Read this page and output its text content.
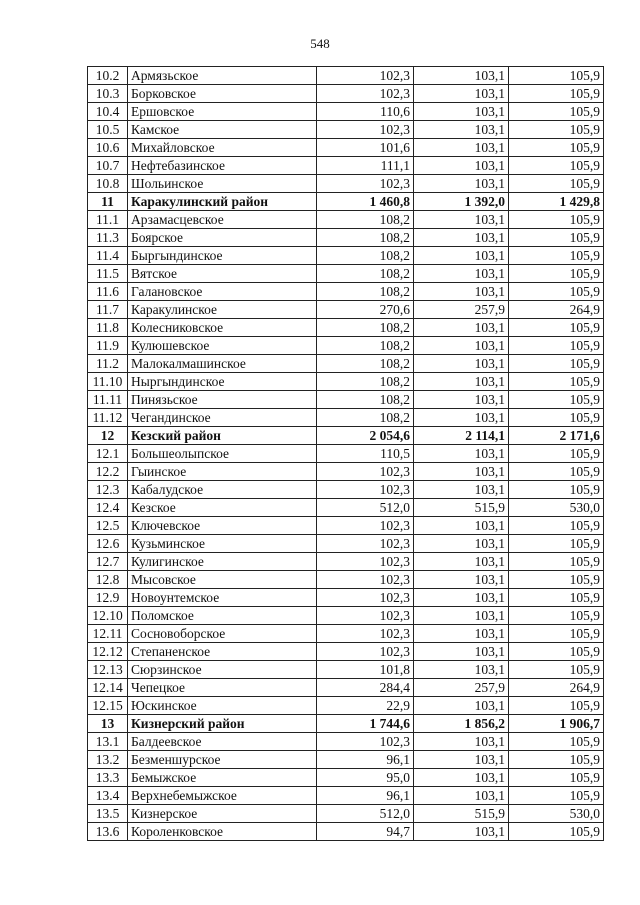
548
10.2	Армязьское	102,3	103,1	105,9
10.3	Борковское	102,3	103,1	105,9
10.4	Ершовское	110,6	103,1	105,9
10.5	Камское	102,3	103,1	105,9
10.6	Михайловское	101,6	103,1	105,9
10.7	Нефтебазинское	111,1	103,1	105,9
10.8	Шольинское	102,3	103,1	105,9
11	Каракулинский район	1 460,8	1 392,0	1 429,8
11.1	Арзамасцевское	108,2	103,1	105,9
11.3	Боярское	108,2	103,1	105,9
11.4	Быргындинское	108,2	103,1	105,9
11.5	Вятское	108,2	103,1	105,9
11.6	Галановское	108,2	103,1	105,9
11.7	Каракулинское	270,6	257,9	264,9
11.8	Колесниковское	108,2	103,1	105,9
11.9	Кулюшевское	108,2	103,1	105,9
11.2	Малокалмашинское	108,2	103,1	105,9
11.10	Ныргындинское	108,2	103,1	105,9
11.11	Пинязьское	108,2	103,1	105,9
11.12	Чегандинское	108,2	103,1	105,9
12	Кезский район	2 054,6	2 114,1	2 171,6
12.1	Большеолыпское	110,5	103,1	105,9
12.2	Гыинское	102,3	103,1	105,9
12.3	Кабалудское	102,3	103,1	105,9
12.4	Кезское	512,0	515,9	530,0
12.5	Ключевское	102,3	103,1	105,9
12.6	Кузьминское	102,3	103,1	105,9
12.7	Кулигинское	102,3	103,1	105,9
12.8	Мысовское	102,3	103,1	105,9
12.9	Новоунтемское	102,3	103,1	105,9
12.10	Поломское	102,3	103,1	105,9
12.11	Сосновоборское	102,3	103,1	105,9
12.12	Степаненское	102,3	103,1	105,9
12.13	Сюрзинское	101,8	103,1	105,9
12.14	Чепецкое	284,4	257,9	264,9
12.15	Юскинское	22,9	103,1	105,9
13	Кизнерский район	1 744,6	1 856,2	1 906,7
13.1	Балдеевское	102,3	103,1	105,9
13.2	Безменшурское	96,1	103,1	105,9
13.3	Бемыжское	95,0	103,1	105,9
13.4	Верхнебемыжское	96,1	103,1	105,9
13.5	Кизнерское	512,0	515,9	530,0
13.6	Короленковское	94,7	103,1	105,9
